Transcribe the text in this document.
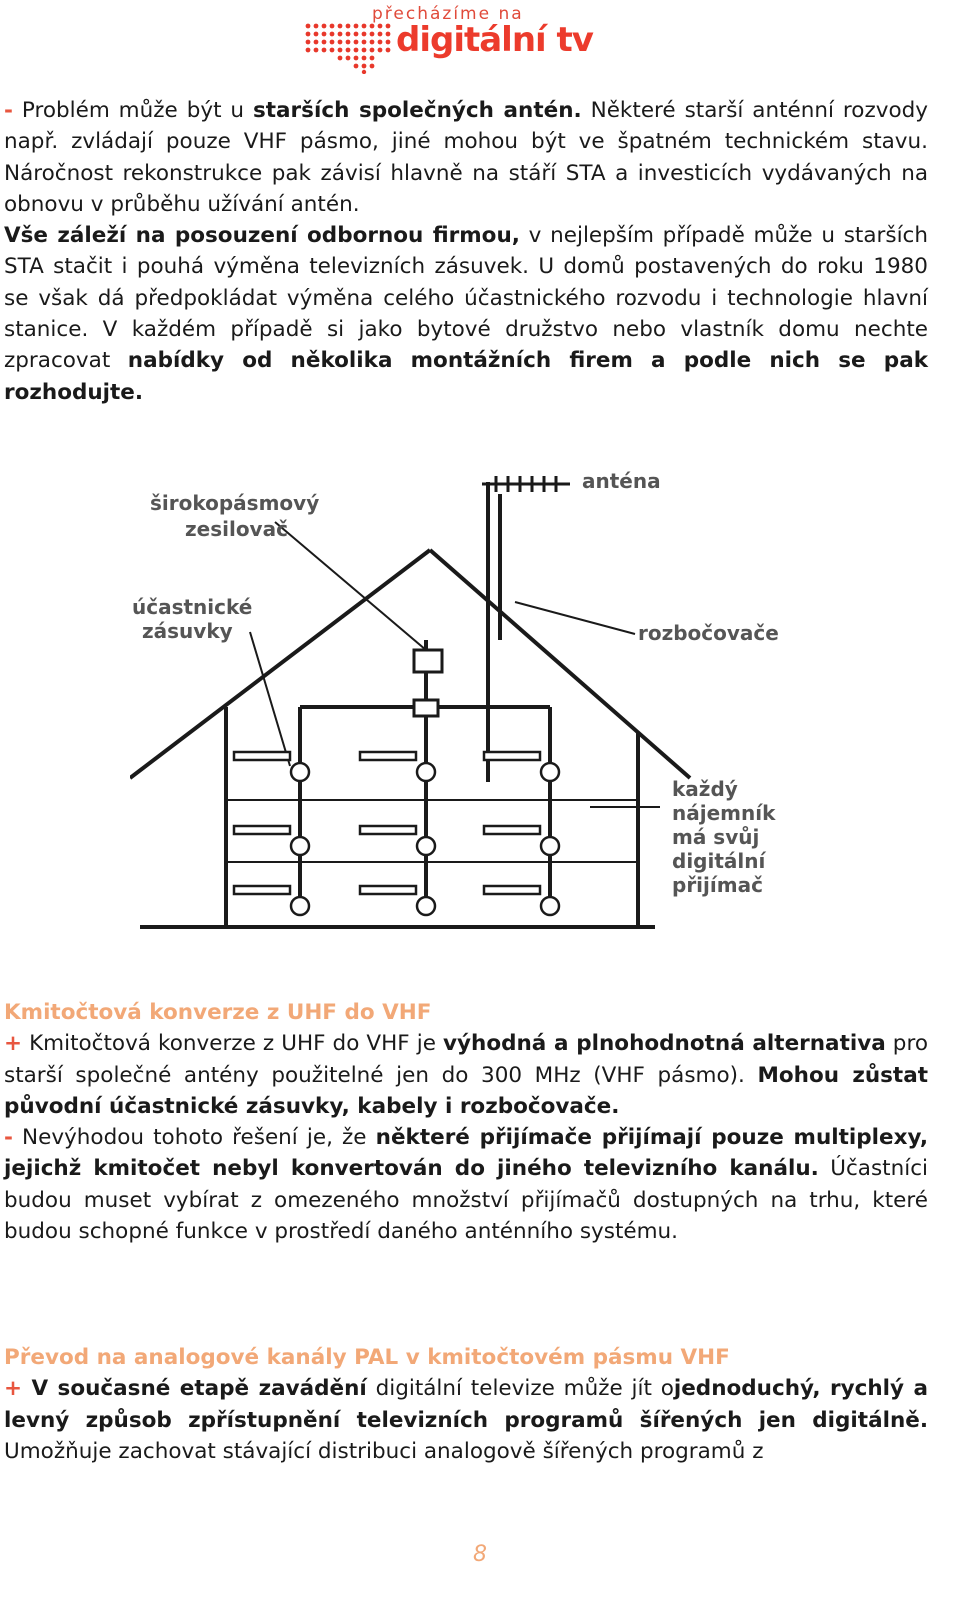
přecházíme na
digitální tv

- Problém může být u starších společných antén. Některé starší anténní rozvody např. zvládají pouze VHF pásmo, jiné mohou být ve špatném technickém stavu. Náročnost rekonstrukce pak závisí hlavně na stáří STA a investicích vydávaných na obnovu v průběhu užívání antén.

Vše záleží na posouzení odbornou firmou, v nejlepším případě může u starších STA stačit i pouhá výměna televizních zásuvek. U domů postavených do roku 1980 se však dá předpokládat výměna celého účastnického rozvodu i technologie hlavní stanice. V každém případě si jako bytové družstvo nebo vlastník domu nechte zpracovat nabídky od několika montážních firem a podle nich se pak rozhodujte.

širokopásmový
zesilovač
anténa
účastnické
zásuvky	rozbočovače
každý
nájemník
má svůj
digitální
přijímač

Kmitočtová konverze z UHF do VHF

+ Kmitočtová konverze z UHF do VHF je výhodná a plnohodnotná alternativa pro starší společné antény použitelné jen do 300 MHz (VHF pásmo). Mohou zůstat původní účastnické zásuvky, kabely i rozbočovače.

- Nevýhodou tohoto řešení je, že některé přijímače přijímají pouze multiplexy, jejichž kmitočet nebyl konvertován do jiného televizního kanálu. Účastníci budou muset vybírat z omezeného množství přijímačů dostupných na trhu, které budou schopné funkce v prostředí daného anténního systému.

Převod na analogové kanály PAL v kmitočtovém pásmu VHF

+ V současné etapě zavádění digitální televize může jít ojednoduchý, rychlý a levný způsob zpřístupnění televizních programů šířených jen digitálně. Umožňuje zachovat stávající distribuci analogově šířených programů z

8
